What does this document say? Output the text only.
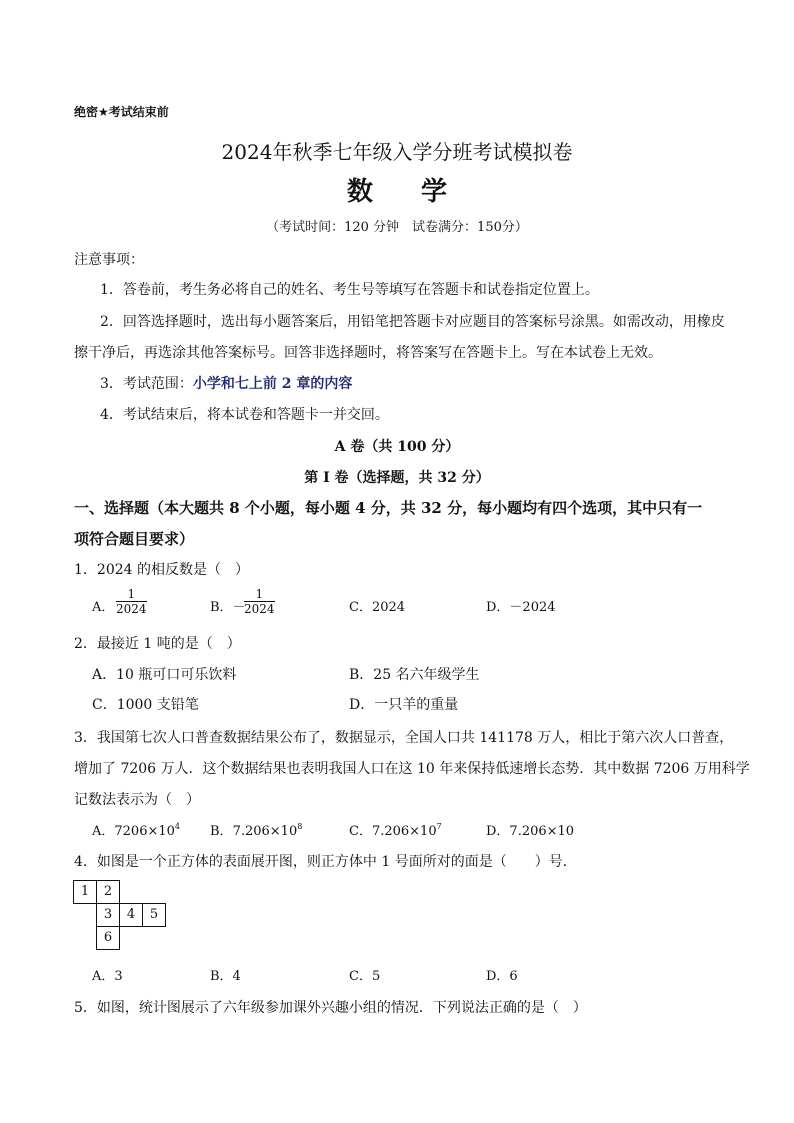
绝密★考试结束前
2024年秋季七年级入学分班考试模拟卷
数学
（考试时间：120 分钟　试卷满分：150分）
注意事项：
1．答卷前，考生务必将自己的姓名、考生号等填写在答题卡和试卷指定位置上。
2．回答选择题时，选出每小题答案后，用铅笔把答题卡对应题目的答案标号涂黑。如需改动，用橡皮
擦干净后，再选涂其他答案标号。回答非选择题时，将答案写在答题卡上。写在本试卷上无效。
3．考试范围：小学和七上前 2 章的内容
4．考试结束后，将本试卷和答题卡一并交回。
A 卷（共 100 分）
第 I 卷（选择题，共 32 分）
一、选择题（本大题共 8 个小题，每小题 4 分，共 32 分，每小题均有四个选项，其中只有一
项符合题目要求）
1．2024 的相反数是（　）
A． $\frac{1}{2024}$	B．－
$\frac{1}{2024}$	C．2024	D．－2024
2．最接近 1 吨的是（　）
A．10 瓶可口可乐饮料	B．25 名六年级学生
C．1000 支铅笔	D．一只羊的重量
3．我国第七次人口普查数据结果公布了，数据显示，全国人口共 141178 万人，相比于第六次人口普查，
增加了 7206 万人．这个数据结果也表明我国人口在这 10 年来保持低速增长态势．其中数据 7206 万用科学
记数法表示为（　）
A．$7206\times 10^4$ B．$7.206\times 10^8$	C．$7.206\times 10^7$	D．7.206×10
4．如图是一个正方体的表面展开图，则正方体中 1 号面所对的面是（　　）号．
1	2
3	4	5
6
A．3	B．4	C．5	D．6
5．如图，统计图展示了六年级参加课外兴趣小组的情况．下列说法正确的是（　）
